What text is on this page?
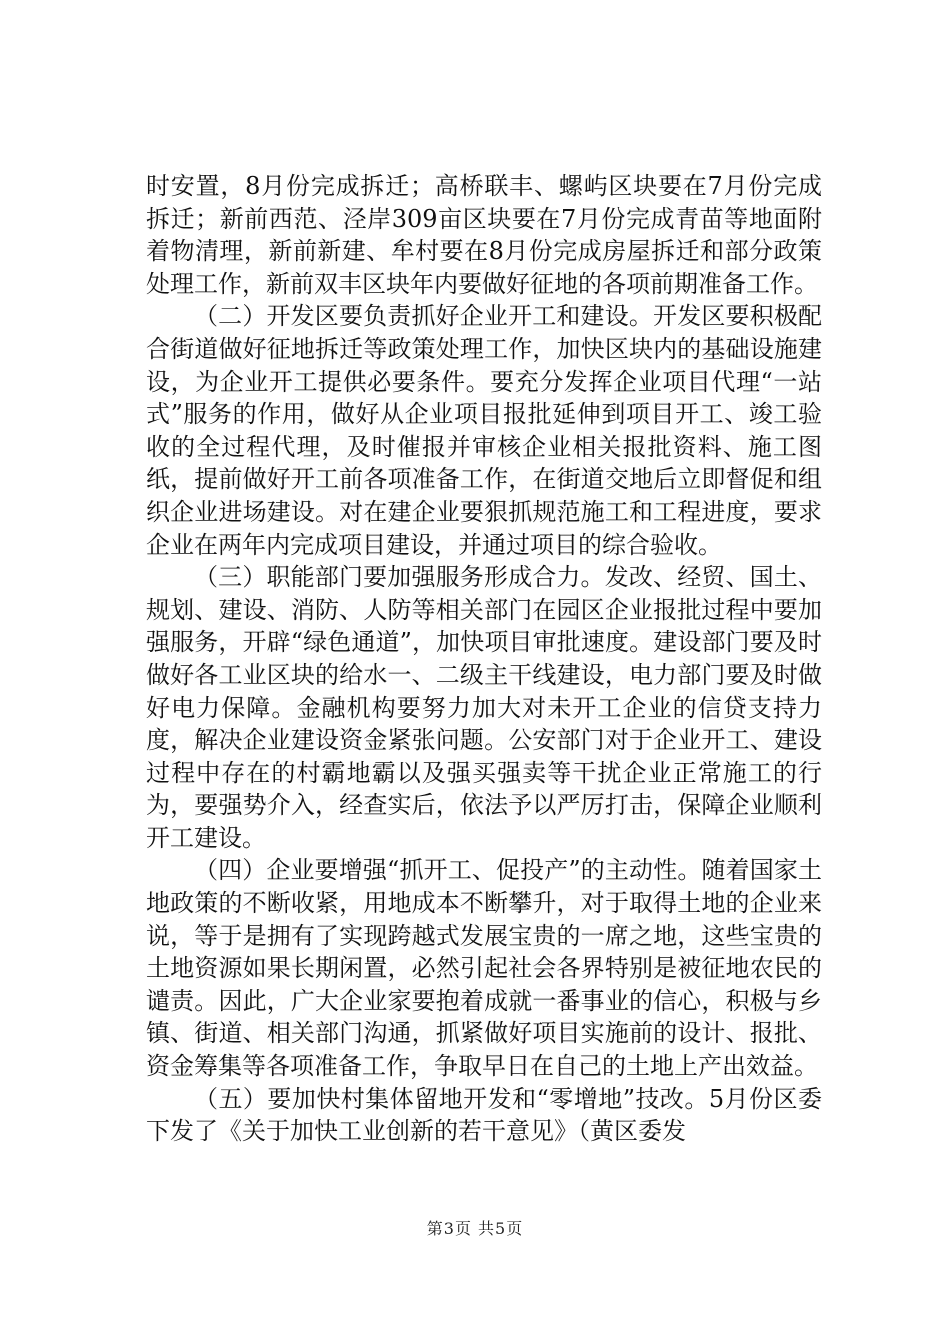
时安置，8月份完成拆迁；高桥联丰、螺屿区块要在7月份完成拆迁；新前西范、泾岸309亩区块要在7月份完成青苗等地面附着物清理，新前新建、牟村要在8月份完成房屋拆迁和部分政策处理工作，新前双丰区块年内要做好征地的各项前期准备工作。

（二）开发区要负责抓好企业开工和建设。开发区要积极配合街道做好征地拆迁等政策处理工作，加快区块内的基础设施建设，为企业开工提供必要条件。要充分发挥企业项目代理“一站式”服务的作用，做好从企业项目报批延伸到项目开工、竣工验收的全过程代理，及时催报并审核企业相关报批资料、施工图纸，提前做好开工前各项准备工作，在街道交地后立即督促和组织企业进场建设。对在建企业要狠抓规范施工和工程进度，要求企业在两年内完成项目建设，并通过项目的综合验收。

（三）职能部门要加强服务形成合力。发改、经贸、国土、规划、建设、消防、人防等相关部门在园区企业报批过程中要加强服务，开辟“绿色通道”，加快项目审批速度。建设部门要及时做好各工业区块的给水一、二级主干线建设，电力部门要及时做好电力保障。金融机构要努力加大对未开工企业的信贷支持力度，解决企业建设资金紧张问题。公安部门对于企业开工、建设过程中存在的村霸地霸以及强买强卖等干扰企业正常施工的行为，要强势介入，经查实后，依法予以严厉打击，保障企业顺利开工建设。

（四）企业要增强“抓开工、促投产”的主动性。随着国家土地政策的不断收紧，用地成本不断攀升，对于取得土地的企业来说，等于是拥有了实现跨越式发展宝贵的一席之地，这些宝贵的土地资源如果长期闲置，必然引起社会各界特别是被征地农民的谴责。因此，广大企业家要抱着成就一番事业的信心，积极与乡镇、街道、相关部门沟通，抓紧做好项目实施前的设计、报批、资金筹集等各项准备工作，争取早日在自己的土地上产出效益。

（五）要加快村集体留地开发和“零增地”技改。5月份区委下发了《关于加快工业创新的若干意见》（黄区委发

第3页 共5页
